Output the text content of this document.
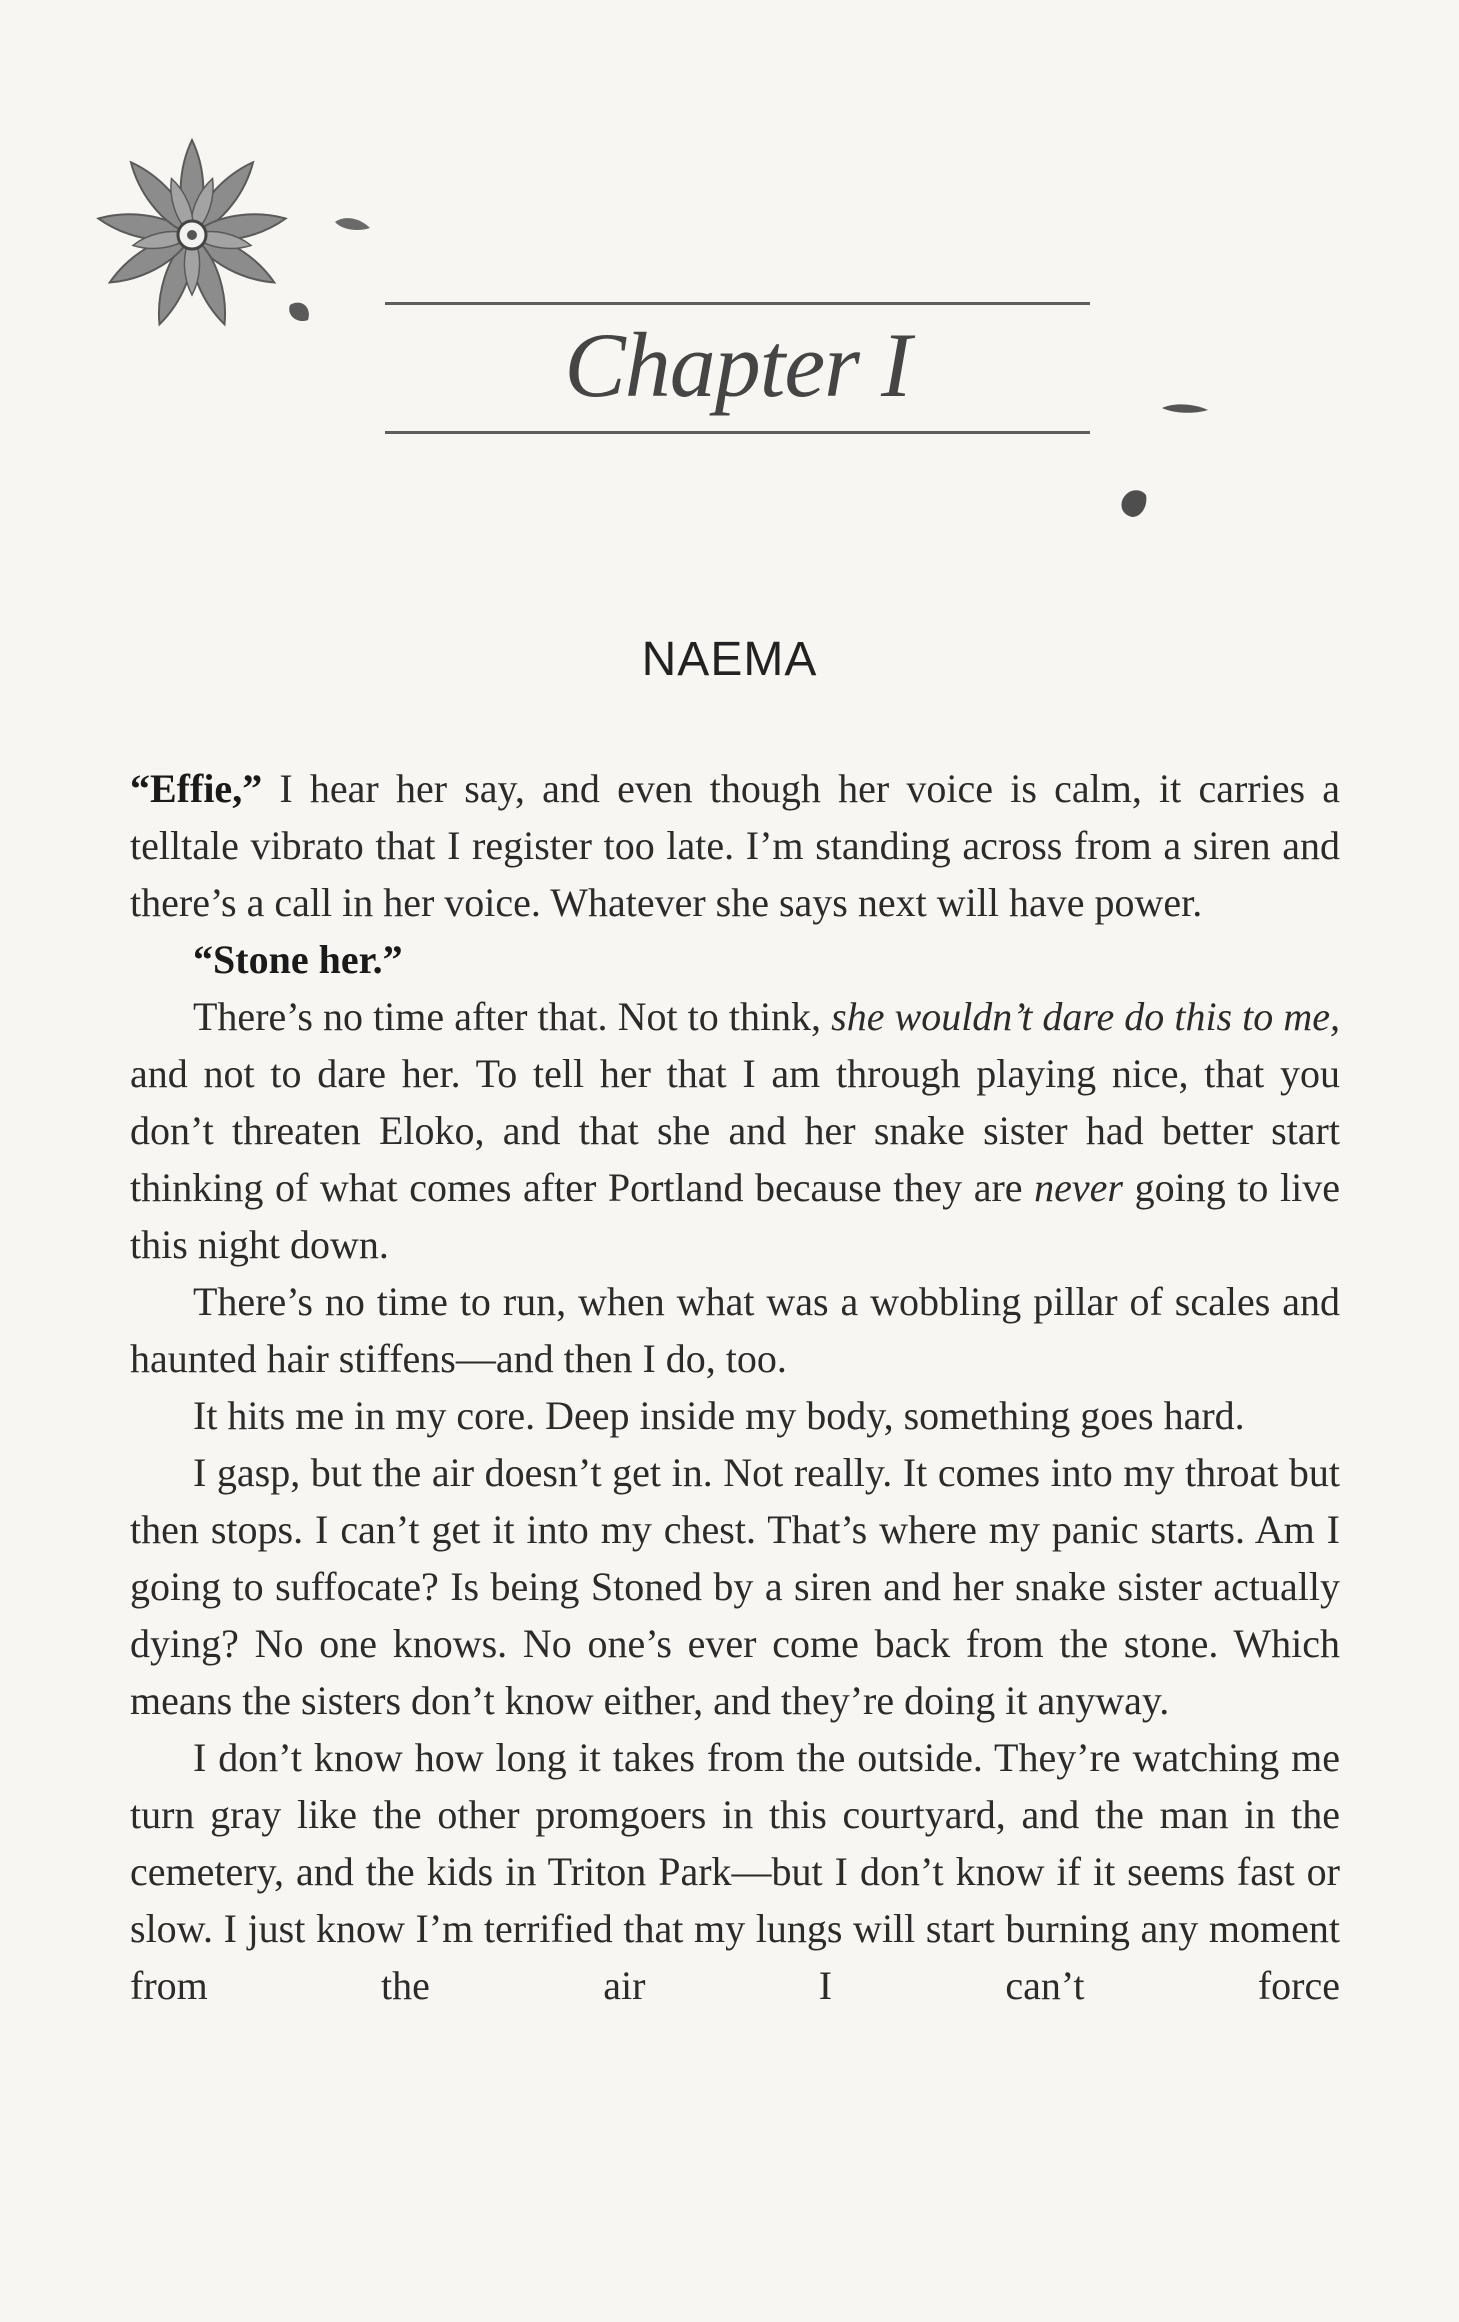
Chapter I
NAEMA

“Effie,” I hear her say, and even though her voice is calm, it carries a telltale vibrato that I register too late. I’m standing across from a siren and there’s a call in her voice. Whatever she says next will have power.

“Stone her.”

There’s no time after that. Not to think, she wouldn’t dare do this to me, and not to dare her. To tell her that I am through playing nice, that you don’t threaten Eloko, and that she and her snake sister had better start thinking of what comes after Portland because they are never going to live this night down.

There’s no time to run, when what was a wobbling pillar of scales and haunted hair stiffens—and then I do, too.

It hits me in my core. Deep inside my body, something goes hard.

I gasp, but the air doesn’t get in. Not really. It comes into my throat but then stops. I can’t get it into my chest. That’s where my panic starts. Am I going to suffocate? Is being Stoned by a siren and her snake sister actually dying? No one knows. No one’s ever come back from the stone. Which means the sisters don’t know either, and they’re doing it anyway.

I don’t know how long it takes from the outside. They’re watching me turn gray like the other promgoers in this courtyard, and the man in the cemetery, and the kids in Triton Park—but I don’t know if it seems fast or slow. I just know I’m terrified that my lungs will start burning any moment from the air I can’t force
